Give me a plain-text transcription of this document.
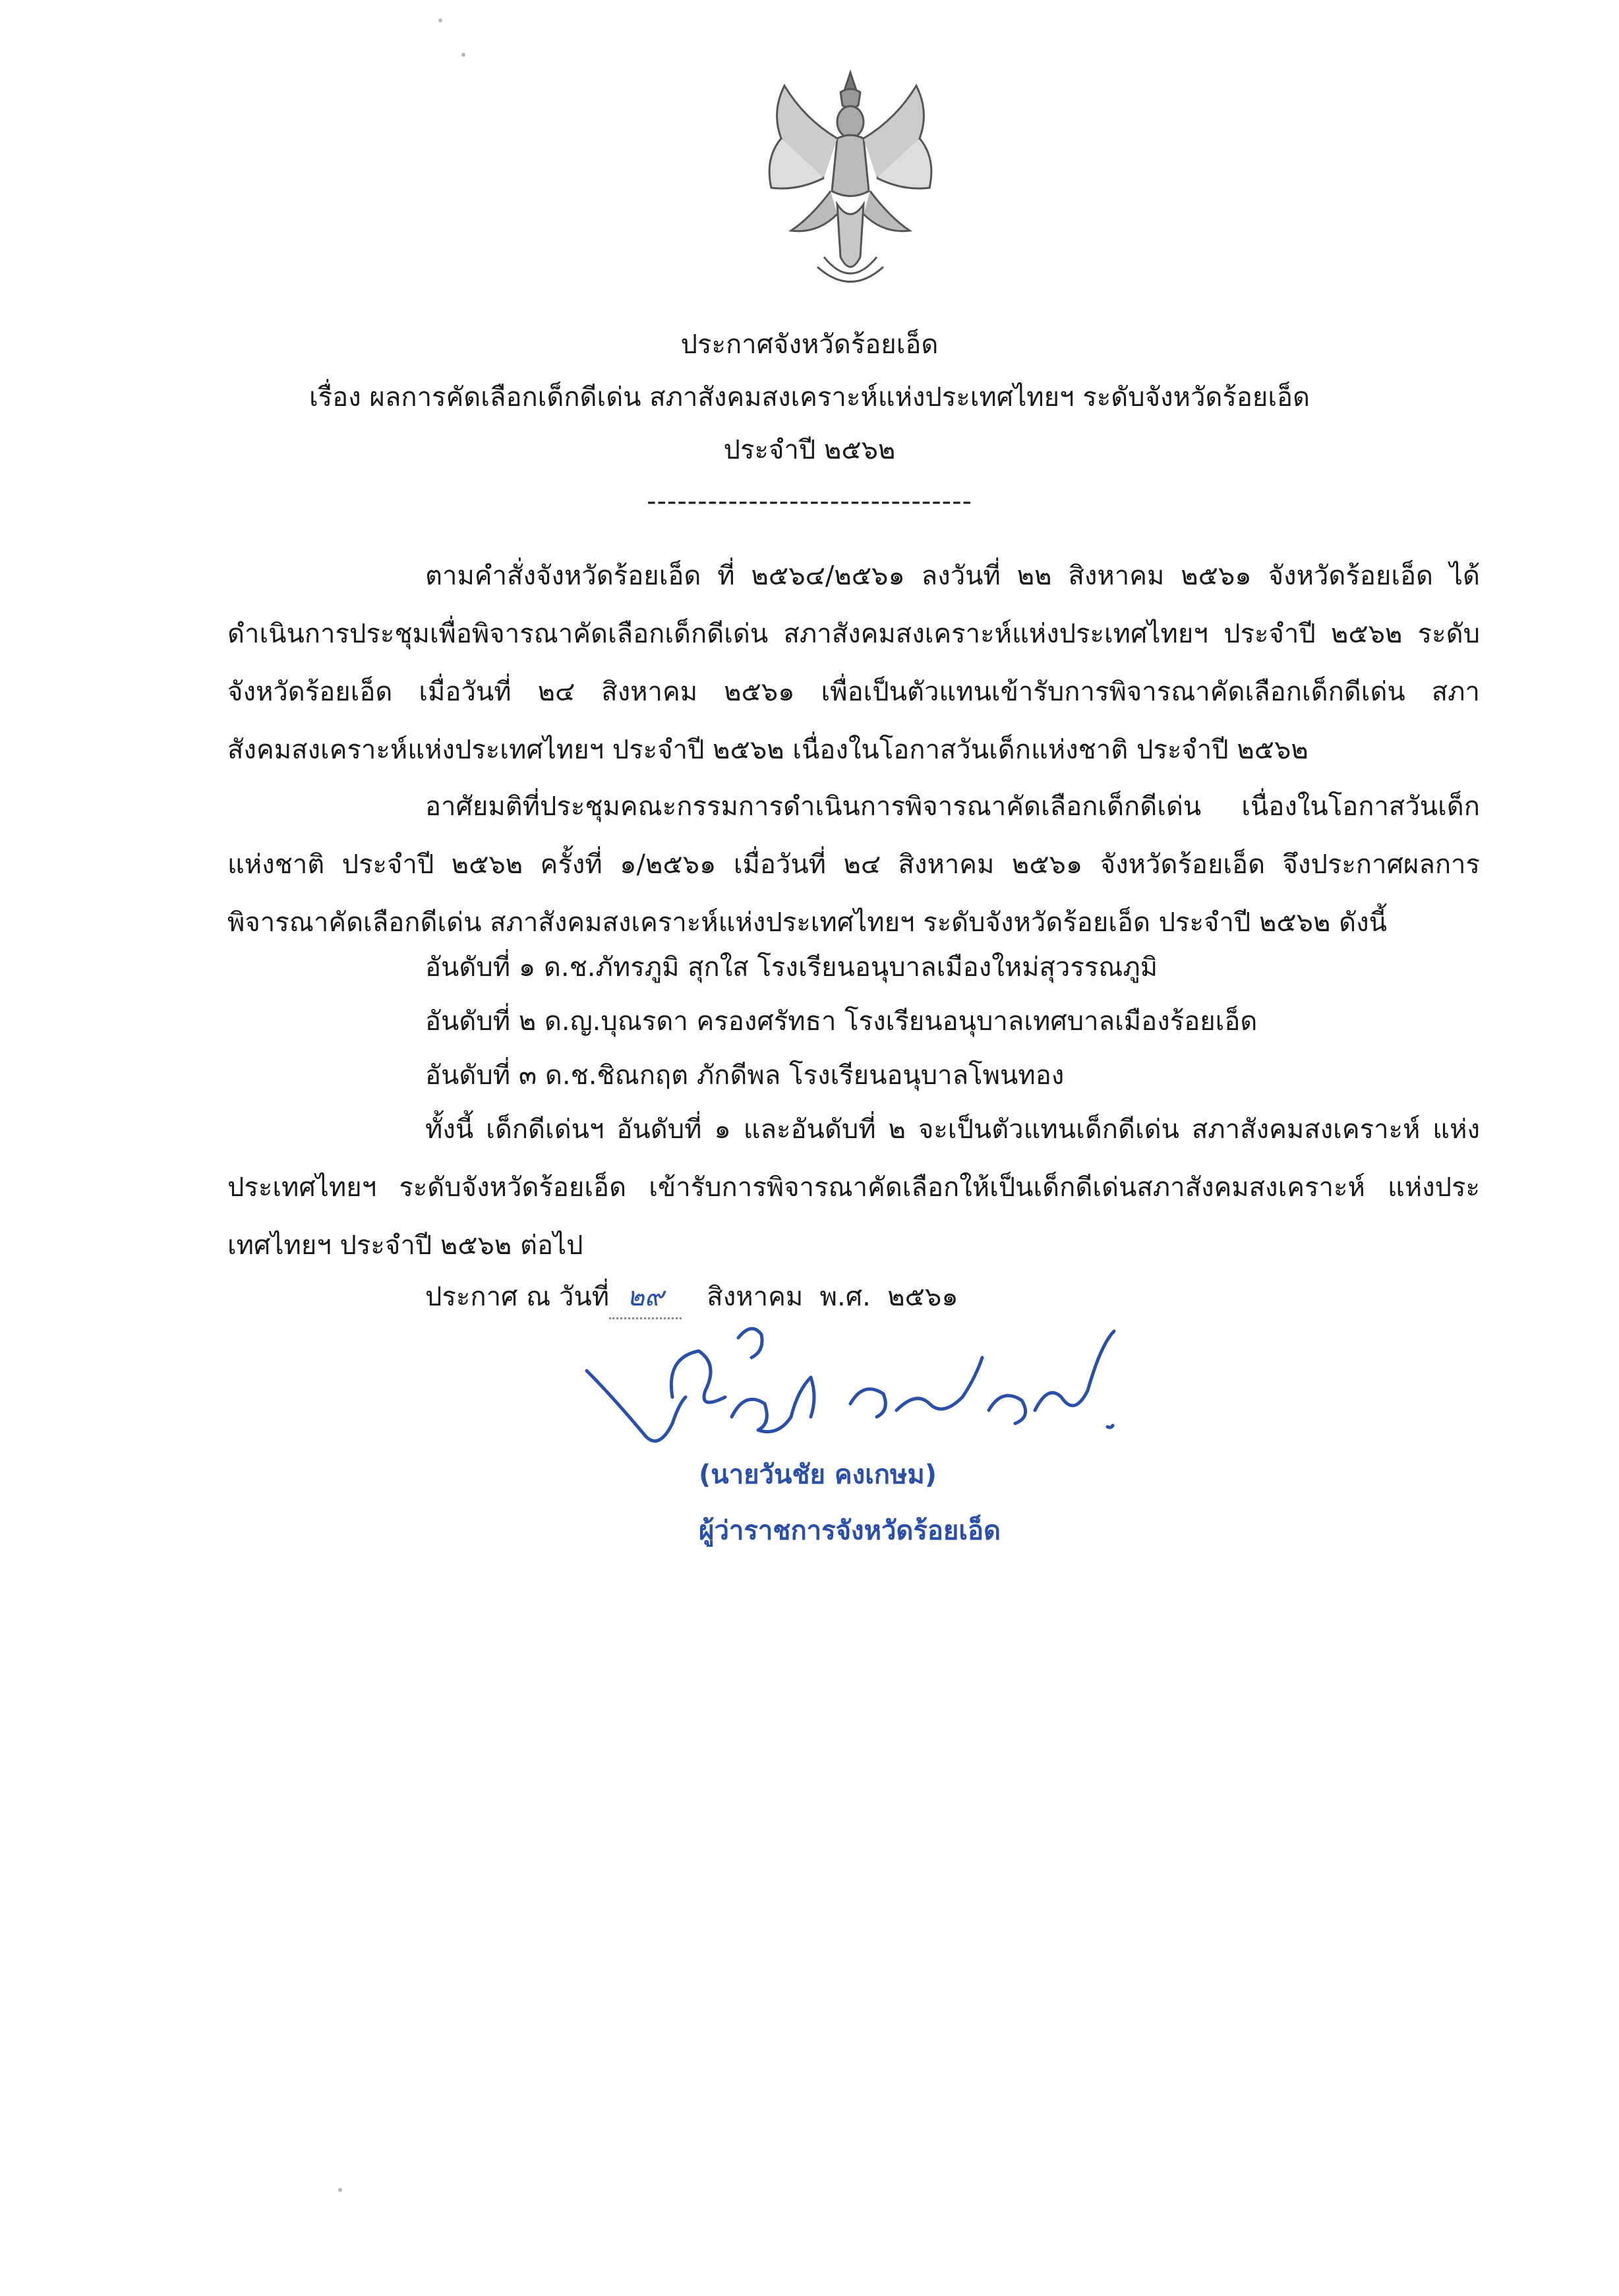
ประกาศจังหวัดร้อยเอ็ด
เรื่อง ผลการคัดเลือกเด็กดีเด่น สภาสังคมสงเคราะห์แห่งประเทศไทยฯ ระดับจังหวัดร้อยเอ็ด
ประจำปี ๒๕๖๒
--------------------------------

ตามคำสั่งจังหวัดร้อยเอ็ด ที่ ๒๕๖๔/๒๕๖๑ ลงวันที่ ๒๒ สิงหาคม ๒๕๖๑ จังหวัดร้อยเอ็ด ได้ดำเนินการประชุมเพื่อพิจารณาคัดเลือกเด็กดีเด่น สภาสังคมสงเคราะห์แห่งประเทศไทยฯ ประจำปี ๒๕๖๒ ระดับจังหวัดร้อยเอ็ด เมื่อวันที่ ๒๔ สิงหาคม ๒๕๖๑ เพื่อเป็นตัวแทนเข้ารับการพิจารณาคัดเลือกเด็กดีเด่น สภาสังคมสงเคราะห์แห่งประเทศไทยฯ ประจำปี ๒๕๖๒ เนื่องในโอกาสวันเด็กแห่งชาติ ประจำปี ๒๕๖๒

อาศัยมติที่ประชุมคณะกรรมการดำเนินการพิจารณาคัดเลือกเด็กดีเด่น เนื่องในโอกาสวันเด็ก แห่งชาติ ประจำปี ๒๕๖๒ ครั้งที่ ๑/๒๕๖๑ เมื่อวันที่ ๒๔ สิงหาคม ๒๕๖๑ จังหวัดร้อยเอ็ด จึงประกาศผลการ พิจารณาคัดเลือกดีเด่น สภาสังคมสงเคราะห์แห่งประเทศไทยฯ ระดับจังหวัดร้อยเอ็ด ประจำปี ๒๕๖๒ ดังนี้

อันดับที่ ๑ ด.ช.ภัทรภูมิ สุกใส โรงเรียนอนุบาลเมืองใหม่สุวรรณภูมิ
อันดับที่ ๒ ด.ญ.บุณรดา ครองศรัทธา โรงเรียนอนุบาลเทศบาลเมืองร้อยเอ็ด
อันดับที่ ๓ ด.ช.ชิณกฤต ภักดีพล โรงเรียนอนุบาลโพนทอง

ทั้งนี้ เด็กดีเด่นฯ อันดับที่ ๑ และอันดับที่ ๒ จะเป็นตัวแทนเด็กดีเด่น สภาสังคมสงเคราะห์ แห่งประเทศไทยฯ ระดับจังหวัดร้อยเอ็ด เข้ารับการพิจารณาคัดเลือกให้เป็นเด็กดีเด่นสภาสังคมสงเคราะห์ แห่งประเทศไทยฯ ประจำปี ๒๕๖๒ ต่อไป

ประกาศ ณ วันที่ ๒๙ สิงหาคม  พ.ศ.  ๒๕๖๑
(นายวันชัย คงเกษม)
ผู้ว่าราชการจังหวัดร้อยเอ็ด
